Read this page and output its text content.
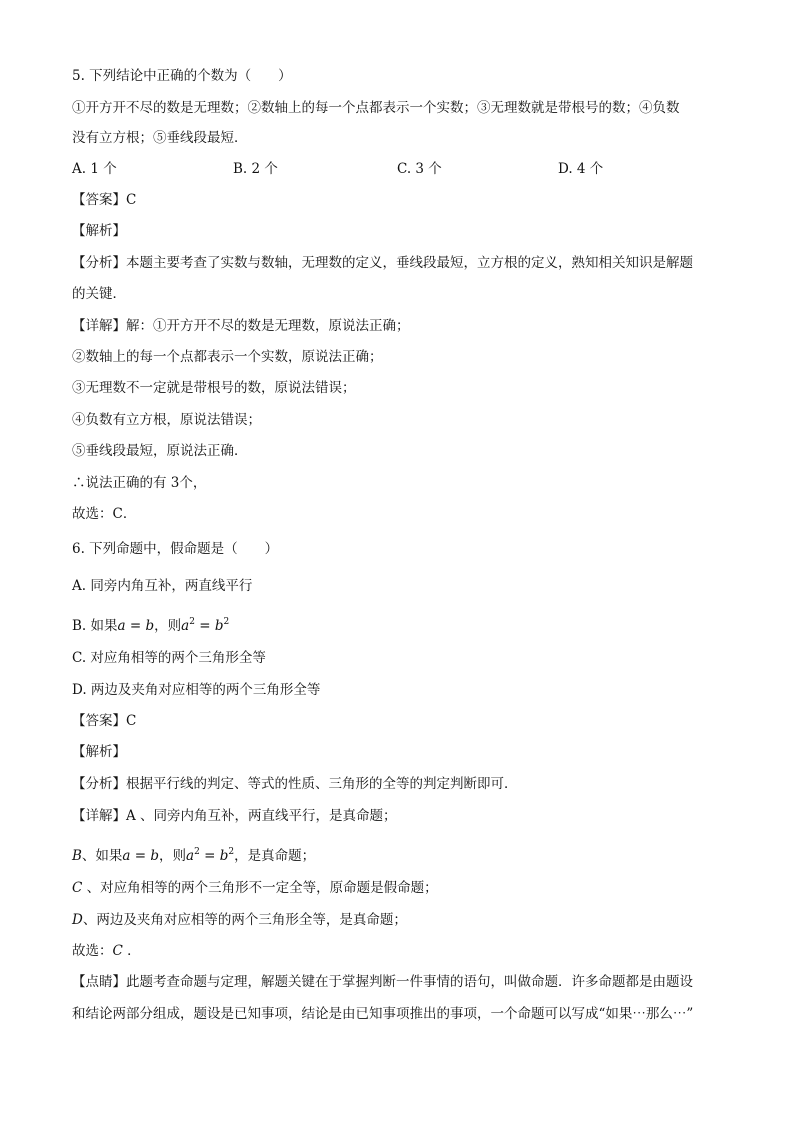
5. 下列结论中正确的个数为（　　）
①开方开不尽的数是无理数；②数轴上的每一个点都表示一个实数；③无理数就是带根号的数；④负数
没有立方根；⑤垂线段最短．
A. 1 个	B. 2 个	C. 3 个	D. 4 个
【答案】C
【解析】
【分析】本题主要考查了实数与数轴，无理数的定义，垂线段最短，立方根的定义，熟知相关知识是解题
的关键．
【详解】解：①开方开不尽的数是无理数，原说法正确；
②数轴上的每一个点都表示一个实数，原说法正确；
③无理数不一定就是带根号的数，原说法错误；
④负数有立方根，原说法错误；
⑤垂线段最短，原说法正确．
∴说法正确的有 3个，
故选：C．
6. 下列命题中，假命题是（　　）
A. 同旁内角互补，两直线平行
B. 如果a = b，则$a^2 = b^2$
C. 对应角相等的两个三角形全等
D. 两边及夹角对应相等的两个三角形全等
【答案】C
【解析】
【分析】根据平行线的判定、等式的性质、三角形的全等的判定判断即可．
【详解】A 、同旁内角互补，两直线平行，是真命题；
B、如果a = b，则$a^2 = b^2$，是真命题；
C 、对应角相等的两个三角形不一定全等，原命题是假命题；
D、两边及夹角对应相等的两个三角形全等，是真命题；
故选：C ．
【点睛】此题考查命题与定理，解题关键在于掌握判断一件事情的语句，叫做命题．许多命题都是由题设
和结论两部分组成，题设是已知事项，结论是由已知事项推出的事项，一个命题可以写成“如果⋯那么⋯”
